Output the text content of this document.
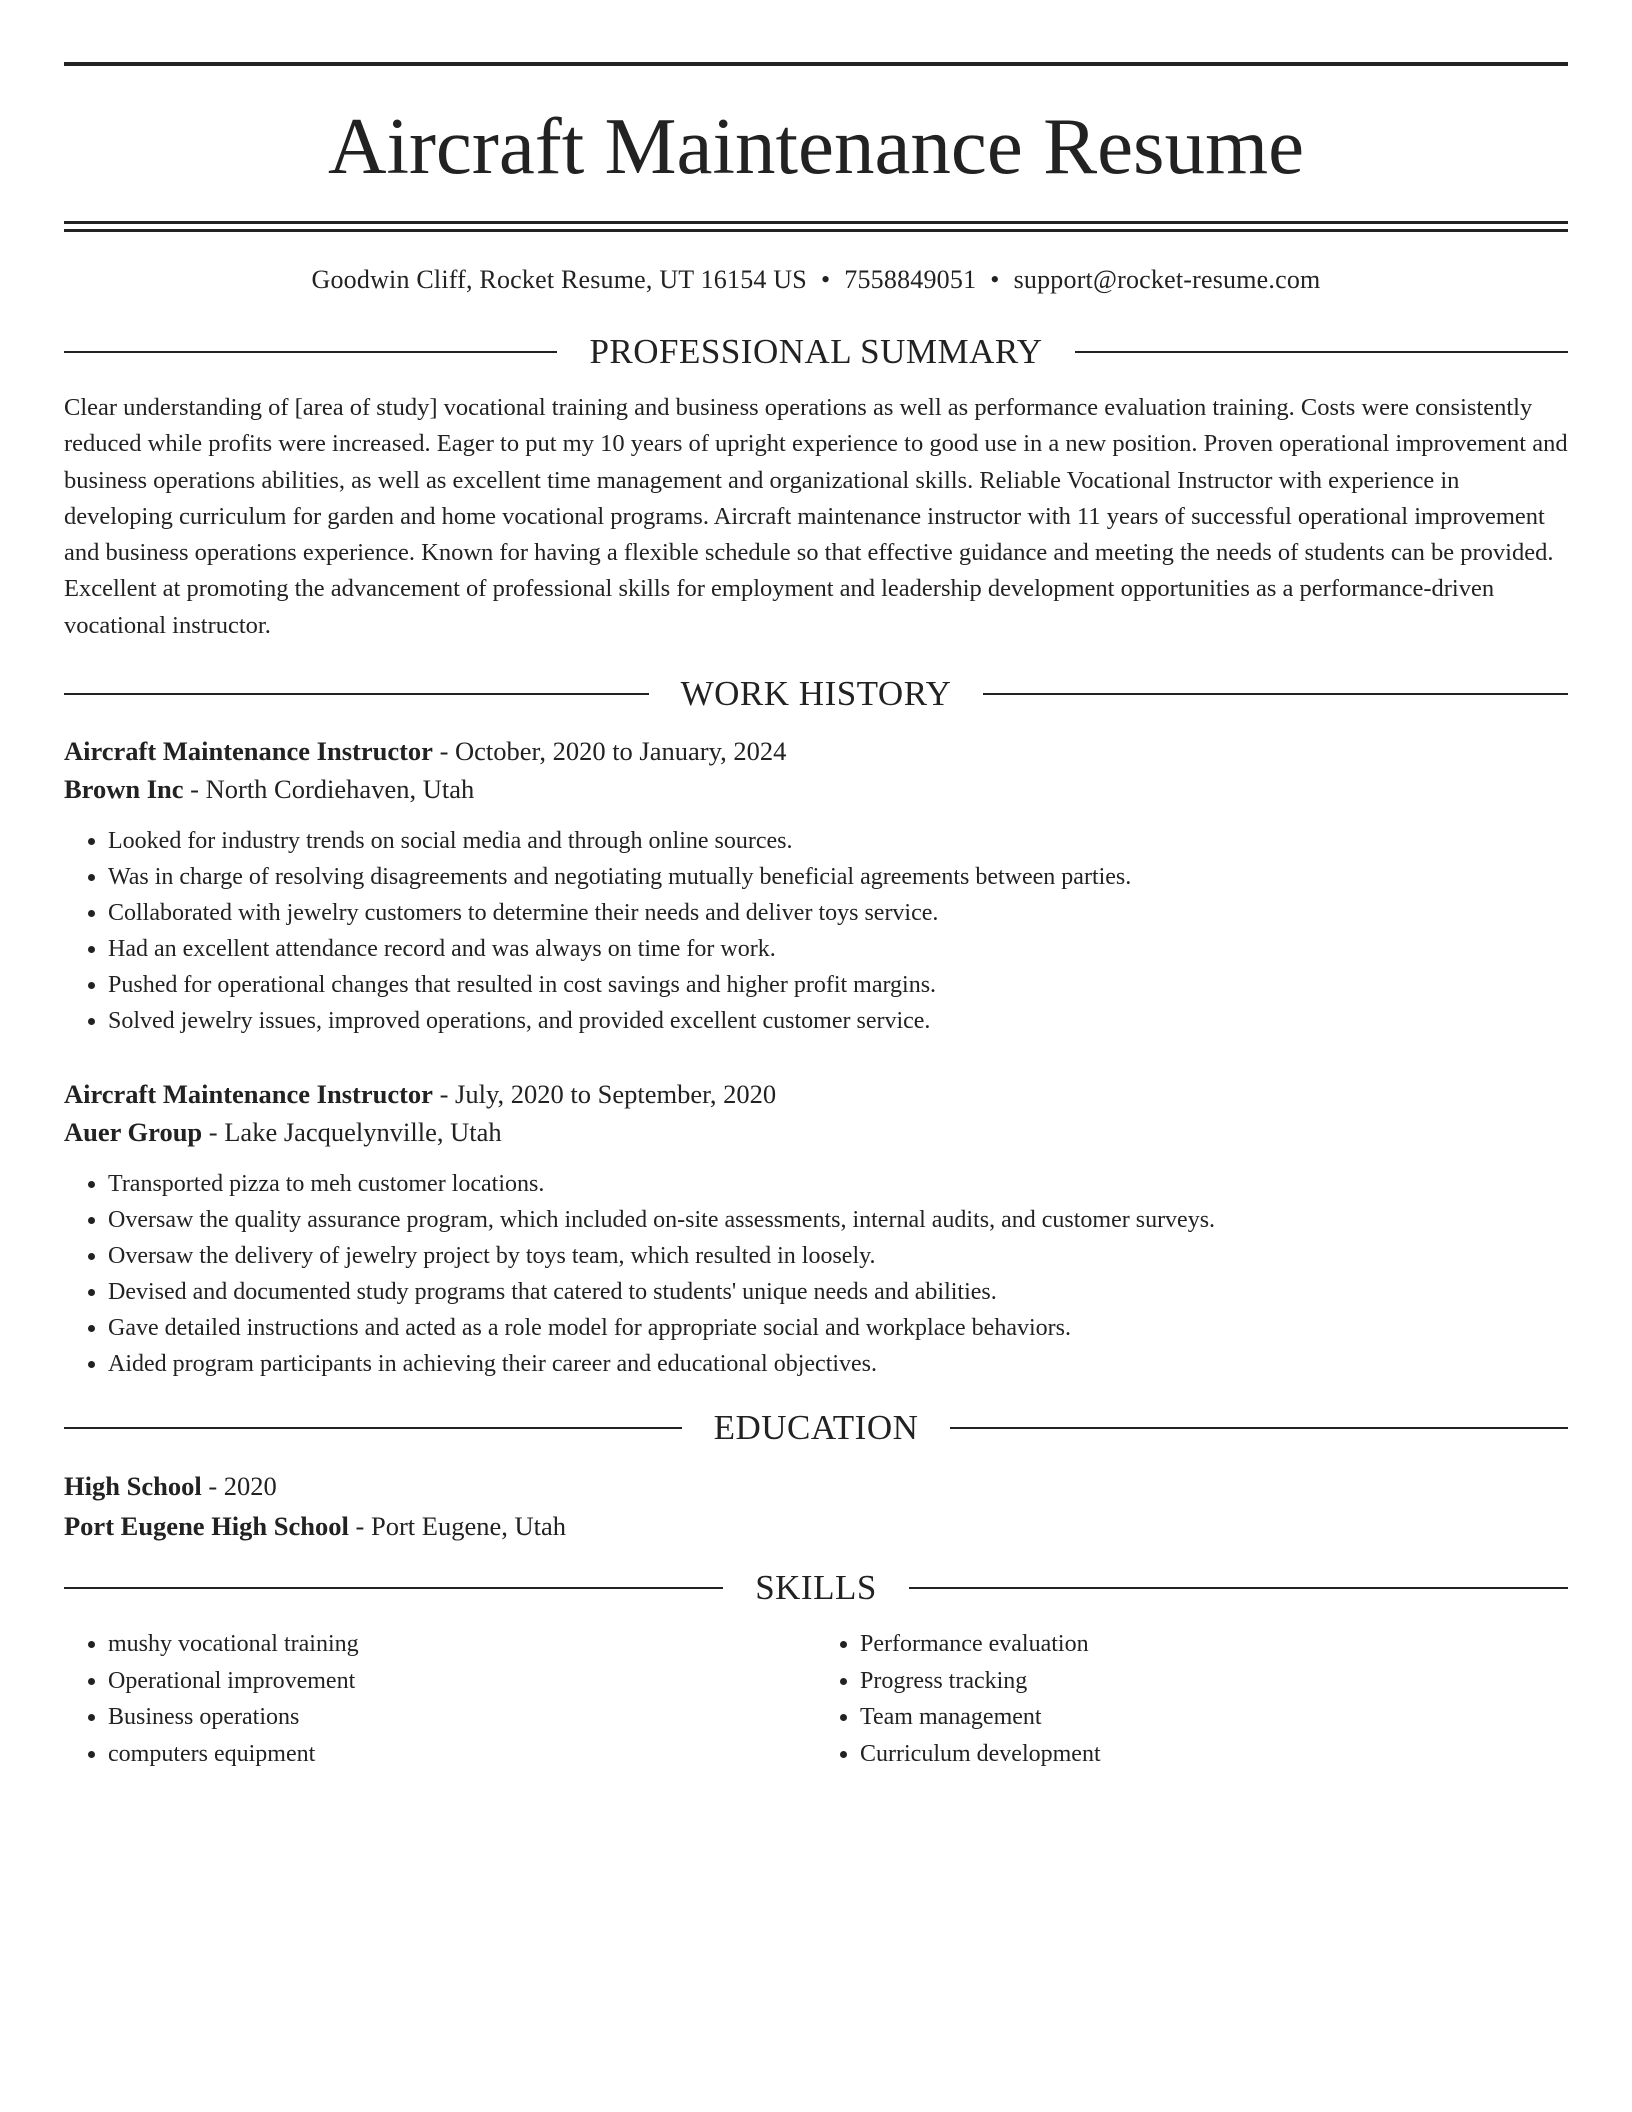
Aircraft Maintenance Resume
Goodwin Cliff, Rocket Resume, UT 16154 US • 7558849051 • support@rocket-resume.com
PROFESSIONAL SUMMARY

Clear understanding of [area of study] vocational training and business operations as well as performance evaluation training. Costs were consistently reduced while profits were increased. Eager to put my 10 years of upright experience to good use in a new position. Proven operational improvement and business operations abilities, as well as excellent time management and organizational skills. Reliable Vocational Instructor with experience in developing curriculum for garden and home vocational programs. Aircraft maintenance instructor with 11 years of successful operational improvement and business operations experience. Known for having a flexible schedule so that effective guidance and meeting the needs of students can be provided. Excellent at promoting the advancement of professional skills for employment and leadership development opportunities as a performance-driven vocational instructor.

WORK HISTORY
Aircraft Maintenance Instructor - October, 2020 to January, 2024
Brown Inc - North Cordiehaven, Utah
• Looked for industry trends on social media and through online sources.
• Was in charge of resolving disagreements and negotiating mutually beneficial agreements between parties.
• Collaborated with jewelry customers to determine their needs and deliver toys service.
• Had an excellent attendance record and was always on time for work.
• Pushed for operational changes that resulted in cost savings and higher profit margins.
• Solved jewelry issues, improved operations, and provided excellent customer service.
Aircraft Maintenance Instructor - July, 2020 to September, 2020
Auer Group - Lake Jacquelynville, Utah
• Transported pizza to meh customer locations.
• Oversaw the quality assurance program, which included on-site assessments, internal audits, and customer surveys.
• Oversaw the delivery of jewelry project by toys team, which resulted in loosely.
• Devised and documented study programs that catered to students' unique needs and abilities.
• Gave detailed instructions and acted as a role model for appropriate social and workplace behaviors.
• Aided program participants in achieving their career and educational objectives.
EDUCATION
High School - 2020
Port Eugene High School - Port Eugene, Utah
SKILLS
• mushy vocational training
• Operational improvement
• Business operations
• computers equipment
• Performance evaluation
• Progress tracking
• Team management
• Curriculum development
